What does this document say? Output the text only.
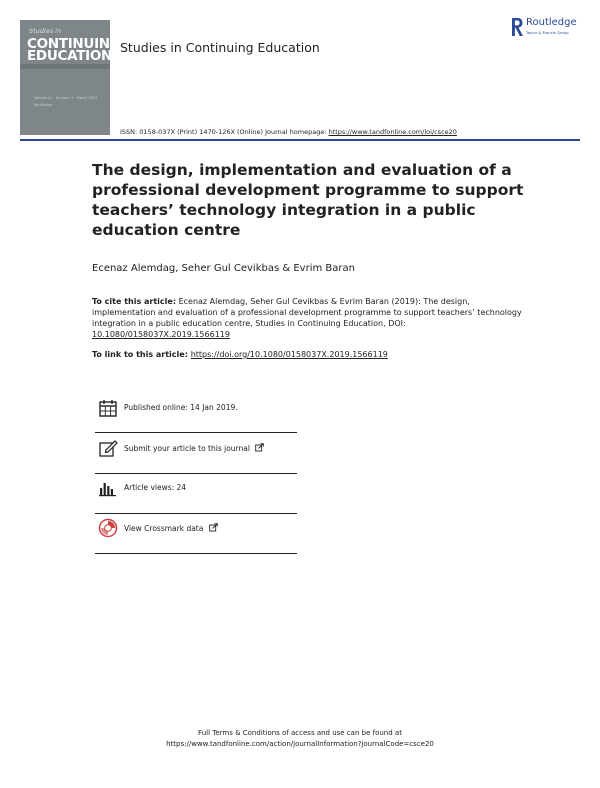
Studies in
CONTINUING
EDUCATION
Volume 41 · Number 1 · March 2019
Routledge
Studies in Continuing Education
Routledge
Taylor & Francis Group
ISSN: 0158-037X (Print) 1470-126X (Online) Journal homepage: https://www.tandfonline.com/loi/csce20
The design, implementation and evaluation of a
professional development programme to support
teachers’ technology integration in a public
education centre
Ecenaz Alemdag, Seher Gul Cevikbas & Evrim Baran
To cite this article: Ecenaz Alemdag, Seher Gul Cevikbas & Evrim Baran (2019): The design, implementation and evaluation of a professional development programme to support teachers’ technology integration in a public education centre, Studies in Continuing Education, DOI: 10.1080/0158037X.2019.1566119
To link to this article: https://doi.org/10.1080/0158037X.2019.1566119
Published online: 14 Jan 2019.
Submit your article to this journal
Article views: 24
View Crossmark data
Full Terms & Conditions of access and use can be found at
https://www.tandfonline.com/action/journalInformation?journalCode=csce20
